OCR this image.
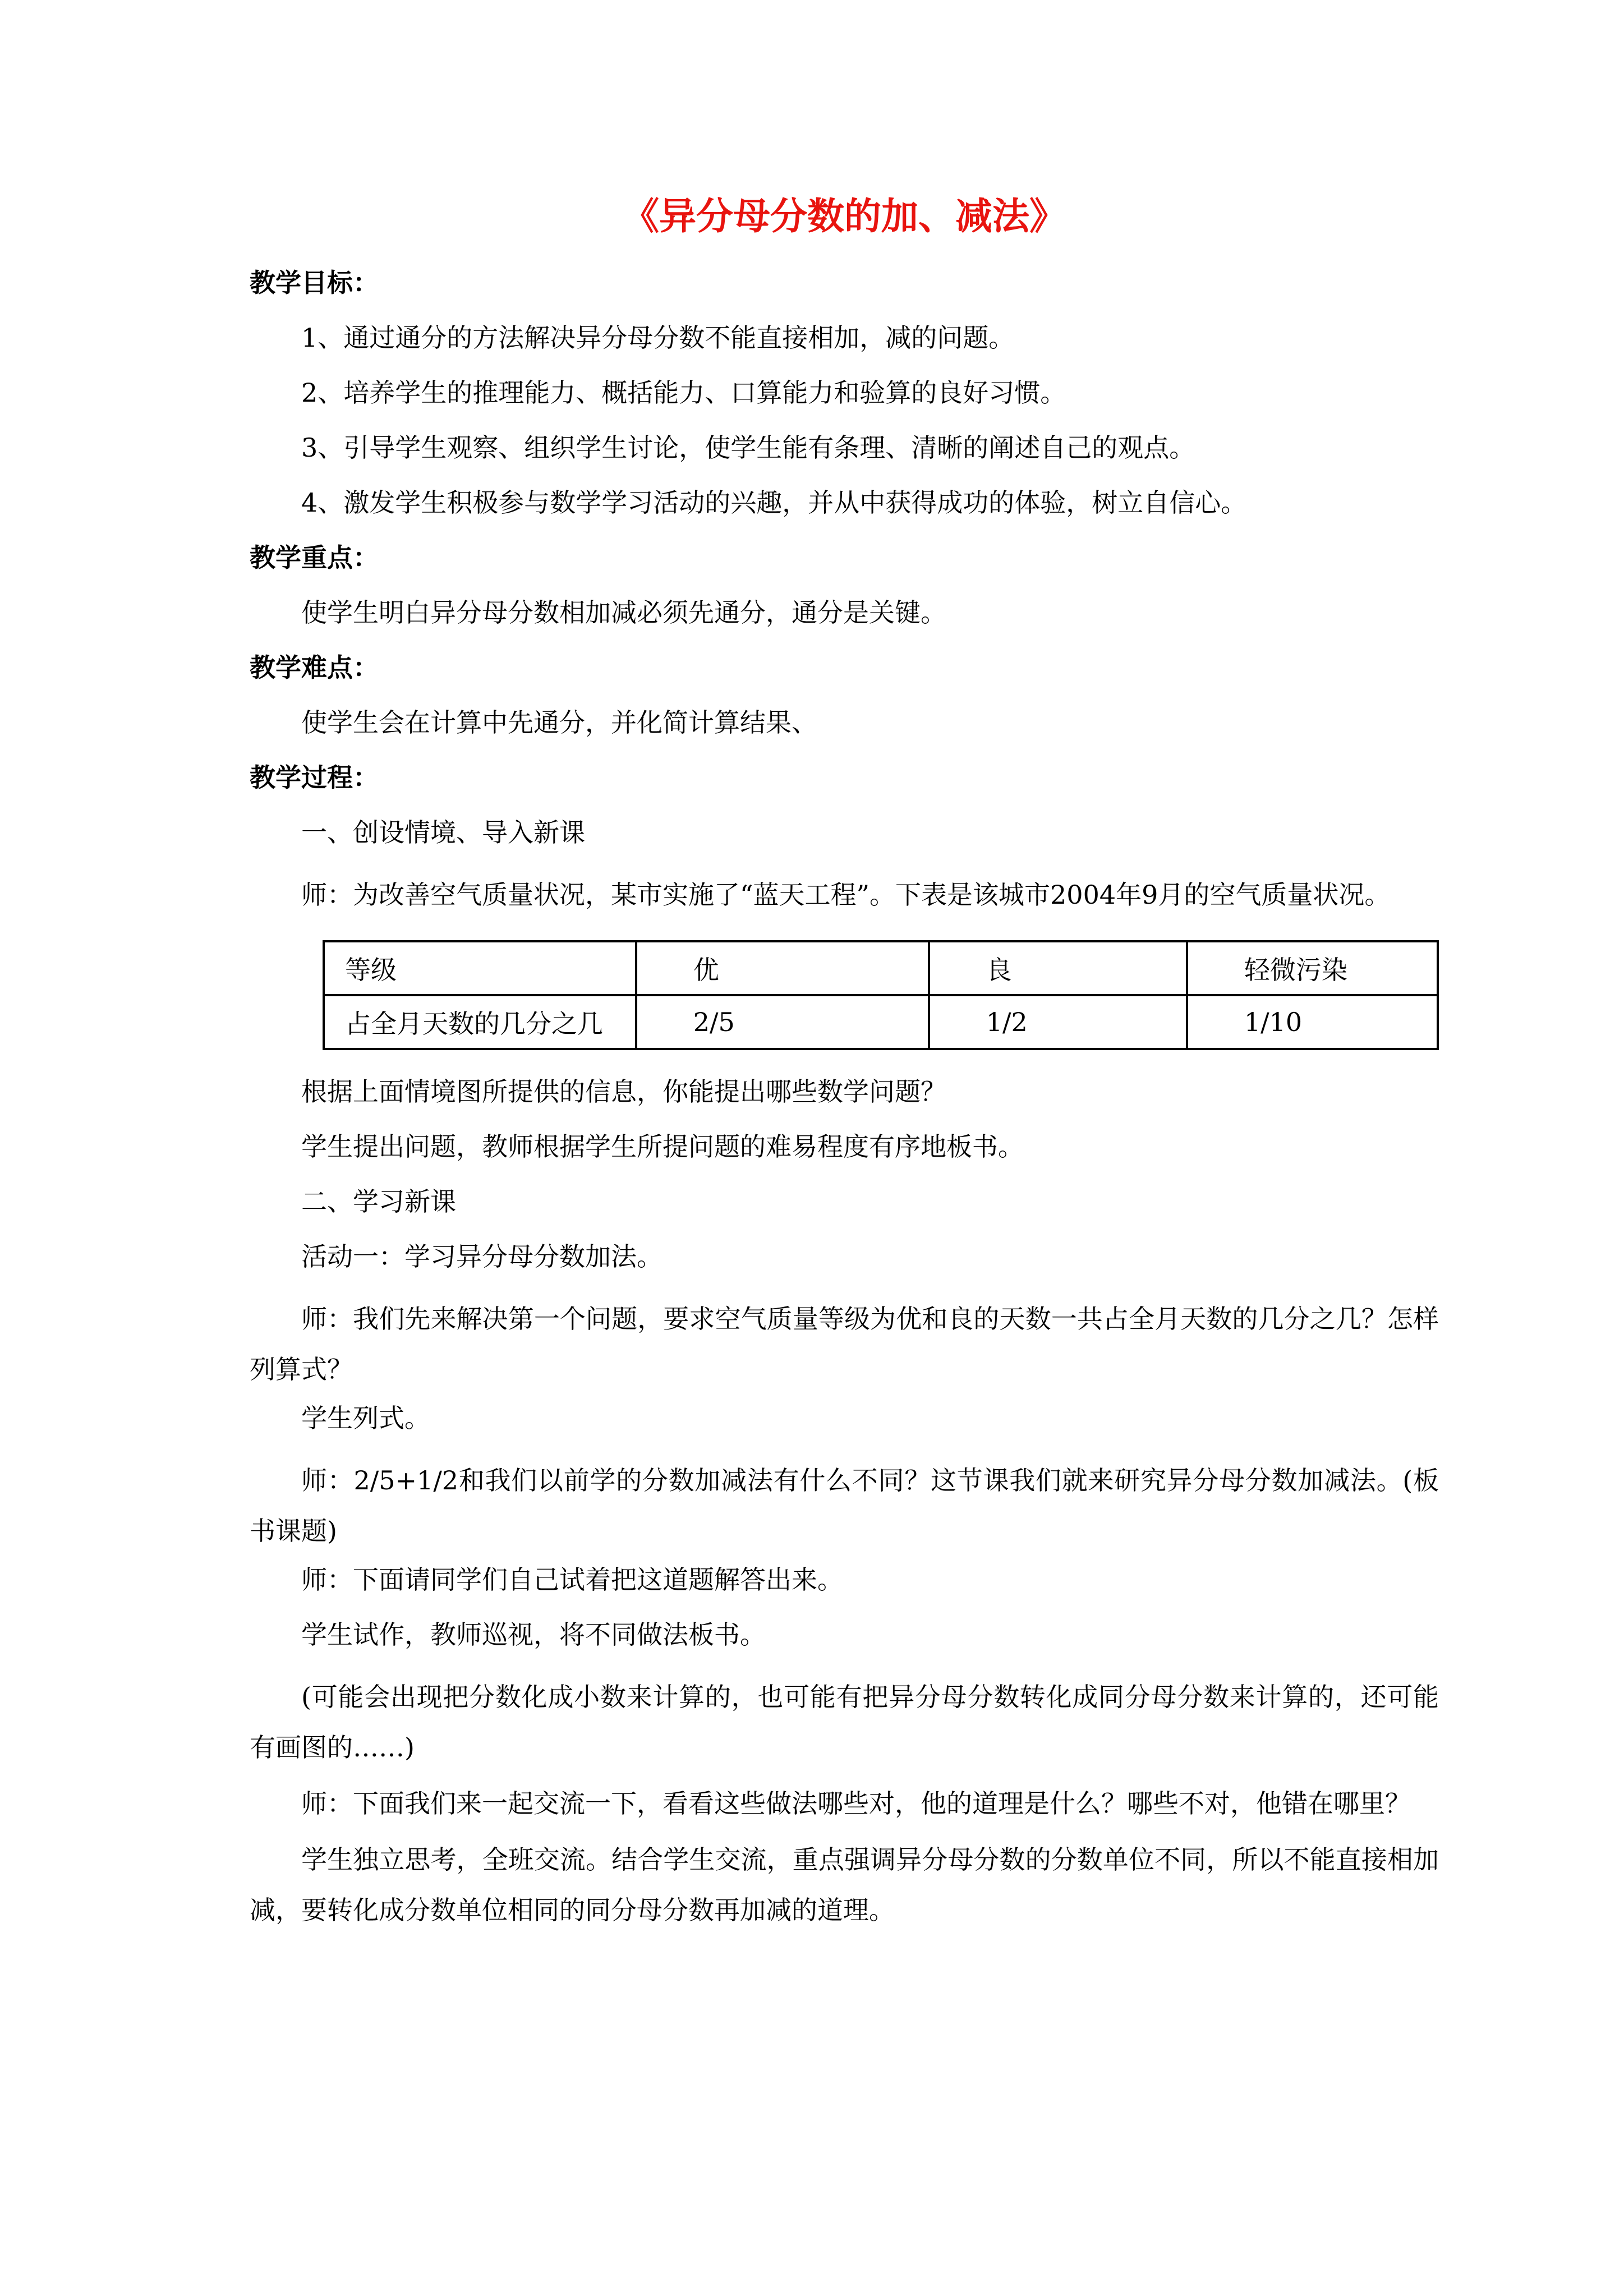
《异分母分数的加、减法》
教学目标：
1、通过通分的方法解决异分母分数不能直接相加，减的问题。
2、培养学生的推理能力、概括能力、口算能力和验算的良好习惯。
3、引导学生观察、组织学生讨论，使学生能有条理、清晰的阐述自己的观点。
4、激发学生积极参与数学学习活动的兴趣，并从中获得成功的体验，树立自信心。
教学重点：
使学生明白异分母分数相加减必须先通分，通分是关键。
教学难点：
使学生会在计算中先通分，并化简计算结果、
教学过程：
一、创设情境、导入新课

师：为改善空气质量状况，某市实施了“蓝天工程”。下表是该城市2004年9月的空气质量状况。

等级	优	良	轻微污染
占全月天数的几分之几	2/5	1/2	1/10
根据上面情境图所提供的信息，你能提出哪些数学问题？
学生提出问题，教师根据学生所提问题的难易程度有序地板书。
二、学习新课
活动一：学习异分母分数加法。

师：我们先来解决第一个问题，要求空气质量等级为优和良的天数一共占全月天数的几分之几？怎样列算式？

学生列式。

师：2/5+1/2和我们以前学的分数加减法有什么不同？这节课我们就来研究异分母分数加减法。(板书课题)

师：下面请同学们自己试着把这道题解答出来。
学生试作，教师巡视，将不同做法板书。

(可能会出现把分数化成小数来计算的，也可能有把异分母分数转化成同分母分数来计算的，还可能有画图的……)

师：下面我们来一起交流一下，看看这些做法哪些对，他的道理是什么？哪些不对，他错在哪里？

学生独立思考，全班交流。结合学生交流，重点强调异分母分数的分数单位不同，所以不能直接相加减，要转化成分数单位相同的同分母分数再加减的道理。
